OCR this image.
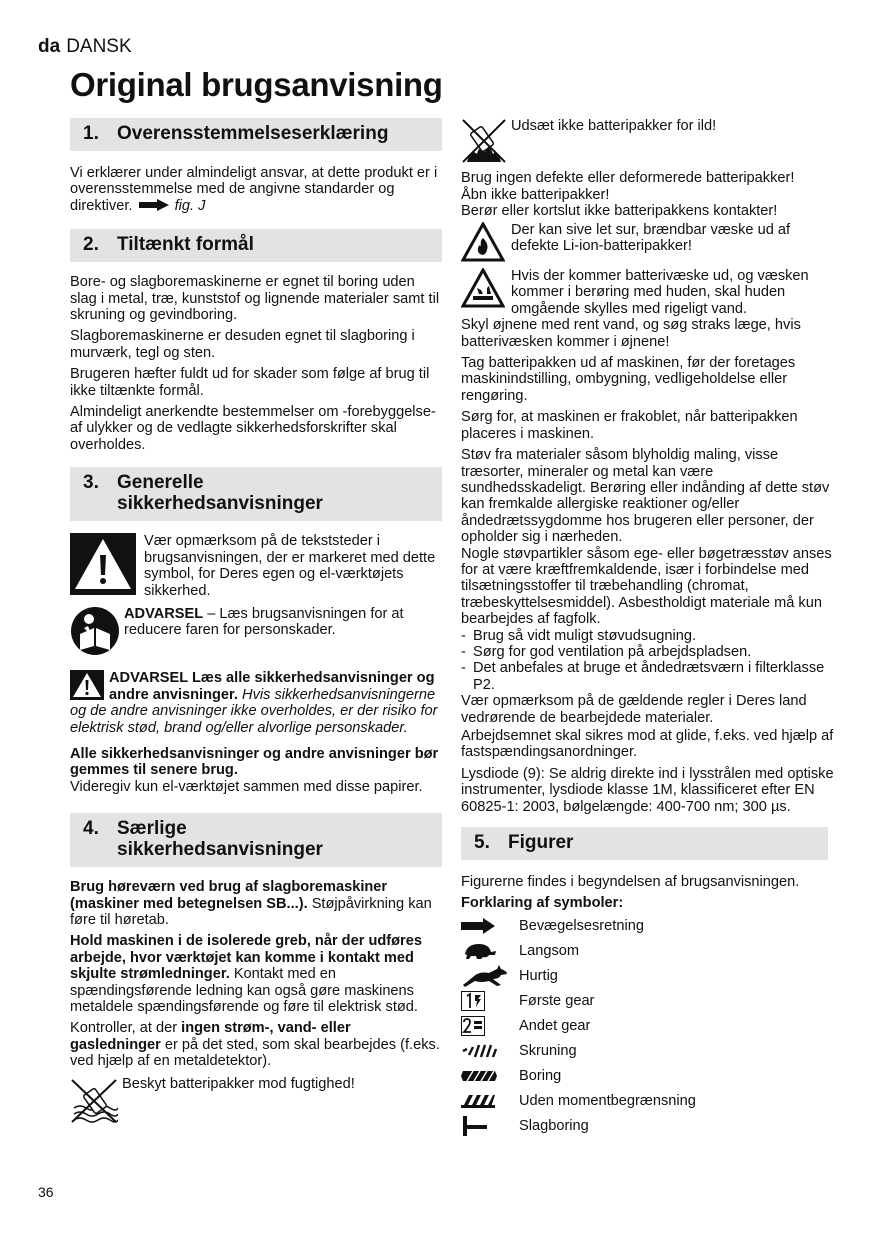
da DANSK
Original brugsanvisning
1. Overensstemmelseserklæring

Vi erklærer under almindeligt ansvar, at dette produkt er i overensstemmelse med de angivne standarder og direktiver.	fig. J

2. Tiltænkt formål

Bore- og slagboremaskinerne er egnet til boring uden slag i metal, træ, kunststof og lignende materialer samt til skruning og gevindboring.

Slagboremaskinerne er desuden egnet til slagboring i murværk, tegl og sten.

Brugeren hæfter fuldt ud for skader som følge af brug til ikke tiltænkte formål.

Almindeligt anerkendte bestemmelser om -forebyggelse- af ulykker og de vedlagte sikkerhedsforskrifter skal overholdes.

3. Generelle
sikkerhedsanvisninger

Vær opmærksom på de tekststeder i brugsanvisningen, der er markeret med dette symbol, for Deres egen og el-værktøjets sikkerhed.

ADVARSEL – Læs brugsanvisningen for at reducere faren for personskader.

ADVARSEL Læs alle sikkerhedsanvisninger og andre anvisninger. Hvis sikkerhedsanvisningerne og de andre anvisninger ikke overholdes, er der risiko for elektrisk stød, brand og/eller alvorlige personskader.

Alle sikkerhedsanvisninger og andre anvisninger bør gemmes til senere brug.

Videregiv kun el-værktøjet sammen med disse papirer.

4. Særlige
sikkerhedsanvisninger

Brug høreværn ved brug af slagboremaskiner (maskiner med betegnelsen SB...). Støjpåvirkning kan føre til høretab.

Hold maskinen i de isolerede greb, når der udføres arbejde, hvor værktøjet kan komme i kontakt med skjulte strømledninger. Kontakt med en spændingsførende ledning kan også gøre maskinens metaldele spændingsførende og føre til elektrisk stød.

Kontroller, at der ingen strøm-, vand- eller gasledninger er på det sted, som skal bearbejdes (f.eks. ved hjælp af en metaldetektor).

Beskyt batteripakker mod fugtighed!

Udsæt ikke batteripakker for ild!

Brug ingen defekte eller deformerede batteripakker!

Åbn ikke batteripakker!

Berør eller kortslut ikke batteripakkens kontakter!

Der kan sive let sur, brændbar væske ud af defekte Li-ion-batteripakker!

Hvis der kommer batterivæske ud, og væsken kommer i berøring med huden, skal huden omgående skylles med rigeligt vand.

Skyl øjnene med rent vand, og søg straks læge, hvis batterivæsken kommer i øjnene!

Tag batteripakken ud af maskinen, før der foretages maskinindstilling, ombygning, vedligeholdelse eller rengøring.

Sørg for, at maskinen er frakoblet, når batteripakken placeres i maskinen.

Støv fra materialer såsom blyholdig maling, visse træsorter, mineraler og metal kan være sundhedsskadeligt. Berøring eller indånding af dette støv kan fremkalde allergiske reaktioner og/eller åndedrætssygdomme hos brugeren eller personer, der opholder sig i nærheden.

Nogle støvpartikler såsom ege- eller bøgetræsstøv anses for at være kræftfremkaldende, især i forbindelse med tilsætningsstoffer til træbehandling (chromat, træbeskyttelsesmiddel). Asbestholdigt materiale må kun bearbejdes af fagfolk.

- Brug så vidt muligt støvudsugning.
- Sørg for god ventilation på arbejdspladsen.
- Det anbefales at bruge et åndedrætsværn i filterklasse P2.

Vær opmærksom på de gældende regler i Deres land vedrørende de bearbejdede materialer.

Arbejdsemnet skal sikres mod at glide, f.eks. ved hjælp af fastspændingsanordninger.

Lysdiode (9): Se aldrig direkte ind i lysstrålen med optiske instrumenter, lysdiode klasse 1M, klassificeret efter EN 60825-1: 2003, bølgelængde: 400-700 nm; 300 µs.

5. Figurer

Figurerne findes i begyndelsen af brugsanvisningen.

Forklaring af symboler:

Bevægelsesretning
Langsom
Hurtig
Første gear
Andet gear
Skruning
Boring
Uden momentbegrænsning
Slagboring
36
